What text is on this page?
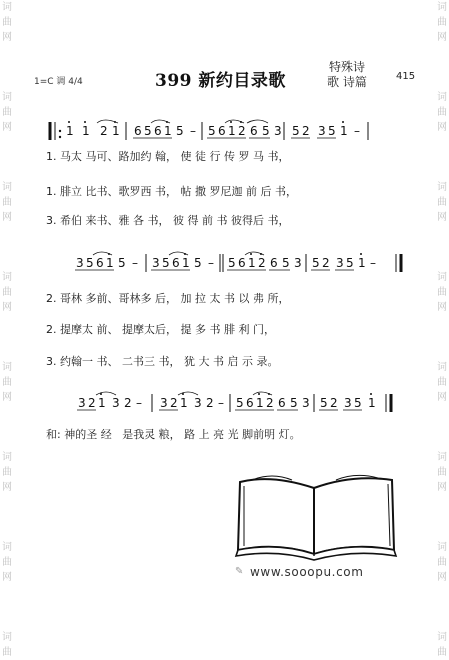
词
曲
网

词
曲
网

词
曲
网

词
曲
网

词
曲
网

词
曲
网

词
曲
网

词
曲
词
曲
网

词
曲
网

词
曲
网

词
曲
网

词
曲
网

词
曲
网

词
曲
网

词
曲
1=C 调 4/4	399 新约目录歌
特殊诗歌 诗篇	415
1 1 2 1 6 5 6 1 5 – 5 6 1 2 6 5 3 5 2 3 5 1 –
1. 马太 马可、路加约 翰， 使 徒 行 传 罗 马 书，
1. 腓立 比书、歌罗西 书， 帖 撒 罗尼迦 前 后 书，
3. 希伯 来书、雅 各 书， 彼 得 前 书 彼得后 书，
3 5 6 1 5 – 3 5 6 1 5 – 5 6 1 2 6 5 3 5 2 3 5 1 –
2. 哥林 多前、哥林多 后， 加 拉 太 书 以 弗 所，
2. 提摩太 前、 提摩太后， 提 多 书 腓 利 门，
3. 约翰一 书、 二书三 书， 犹 大 书 启 示 录。
3 2 1 3 2 – 3 2 1 3 2 – 5 6 1 2 6 5 3 5 2 3 5 1
和: 神的圣 经   是我灵 粮， 路 上 亮 光 脚前明 灯。
✎ www.sooopu.com
